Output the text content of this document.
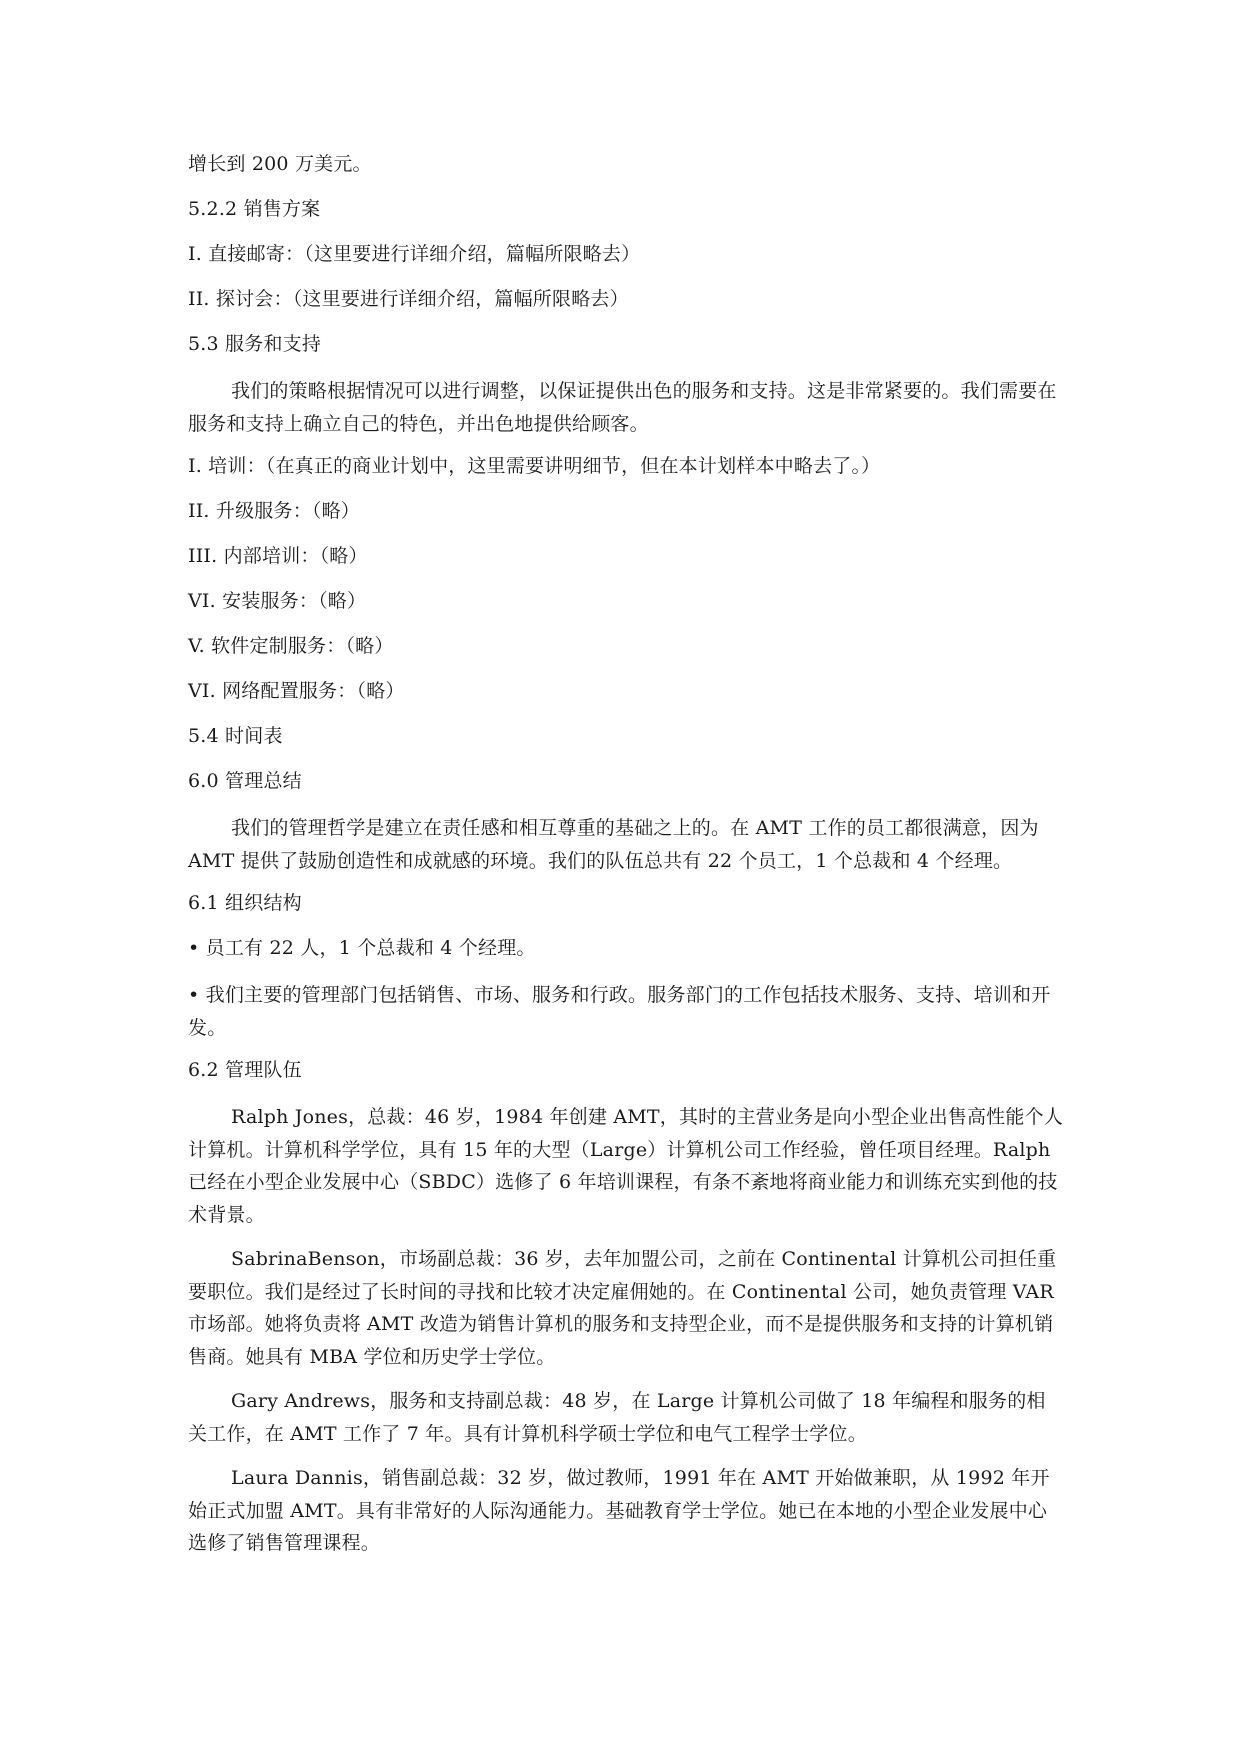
增长到 200 万美元。

5.2.2 销售方案

I. 直接邮寄：（这里要进行详细介绍，篇幅所限略去）

II. 探讨会：（这里要进行详细介绍，篇幅所限略去）

5.3 服务和支持

我们的策略根据情况可以进行调整，以保证提供出色的服务和支持。这是非常紧要的。我们需要在服务和支持上确立自己的特色，并出色地提供给顾客。

I. 培训：（在真正的商业计划中，这里需要讲明细节，但在本计划样本中略去了。）

II. 升级服务：（略）

III. 内部培训：（略）

VI. 安装服务：（略）

V. 软件定制服务：（略）

VI. 网络配置服务：（略）

5.4 时间表

6.0 管理总结

我们的管理哲学是建立在责任感和相互尊重的基础之上的。在 AMT 工作的员工都很满意，因为 AMT 提供了鼓励创造性和成就感的环境。我们的队伍总共有 22 个员工，1 个总裁和 4 个经理。

6.1 组织结构

• 员工有 22 人，1 个总裁和 4 个经理。

• 我们主要的管理部门包括销售、市场、服务和行政。服务部门的工作包括技术服务、支持、培训和开发。

6.2 管理队伍

Ralph Jones，总裁：46 岁，1984 年创建 AMT，其时的主营业务是向小型企业出售高性能个人计算机。计算机科学学位，具有 15 年的大型（Large）计算机公司工作经验，曾任项目经理。Ralph 已经在小型企业发展中心（SBDC）选修了 6 年培训课程，有条不紊地将商业能力和训练充实到他的技术背景。

SabrinaBenson，市场副总裁：36 岁，去年加盟公司，之前在 Continental 计算机公司担任重要职位。我们是经过了长时间的寻找和比较才决定雇佣她的。在 Continental 公司，她负责管理 VAR 市场部。她将负责将 AMT 改造为销售计算机的服务和支持型企业，而不是提供服务和支持的计算机销售商。她具有 MBA 学位和历史学士学位。

Gary Andrews，服务和支持副总裁：48 岁，在 Large 计算机公司做了 18 年编程和服务的相关工作，在 AMT 工作了 7 年。具有计算机科学硕士学位和电气工程学士学位。

Laura Dannis，销售副总裁：32 岁，做过教师，1991 年在 AMT 开始做兼职，从 1992 年开始正式加盟 AMT。具有非常好的人际沟通能力。基础教育学士学位。她已在本地的小型企业发展中心选修了销售管理课程。
